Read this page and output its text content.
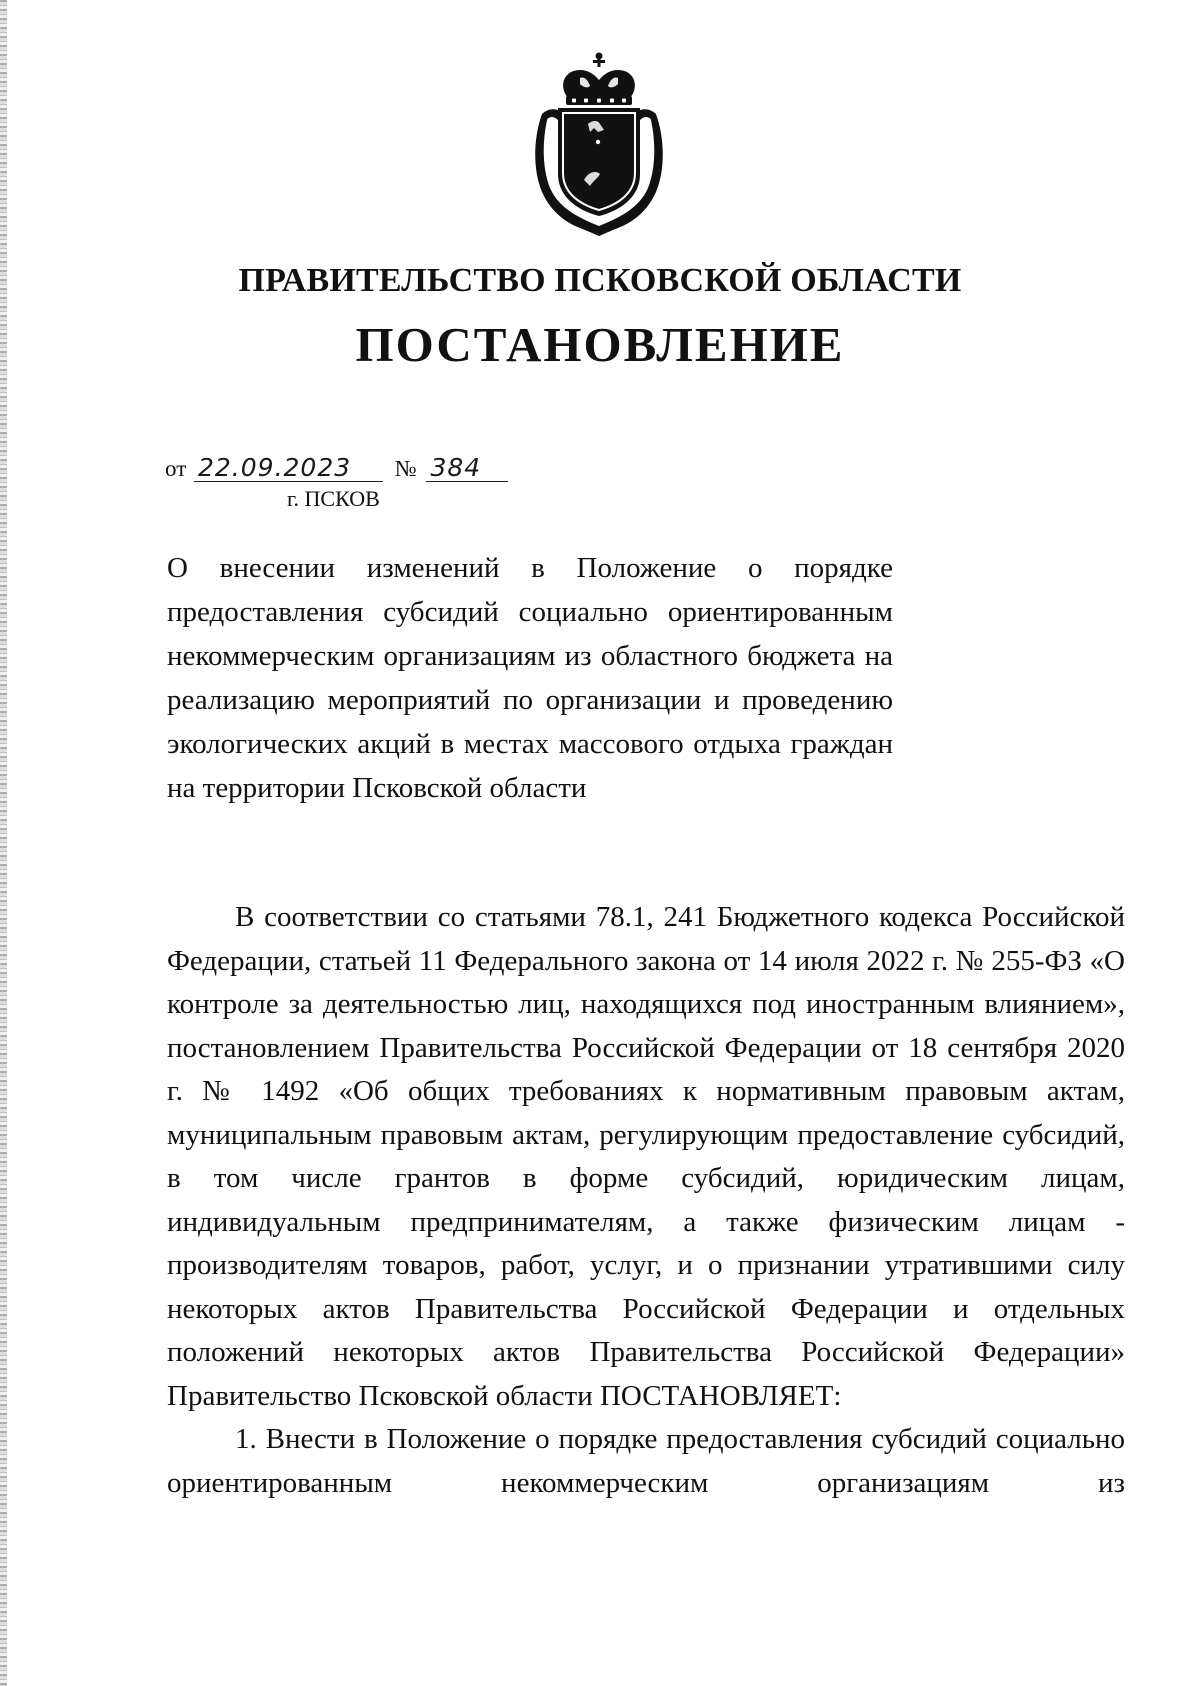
ПРАВИТЕЛЬСТВО ПСКОВСКОЙ ОБЛАСТИ
ПОСТАНОВЛЕНИЕ
от 22.09.2023 № 384
г. ПСКОВ
О внесении изменений в Положение о порядке предоставления субсидий социально ориентированным некоммерческим организациям из областного бюджета на реализацию мероприятий по организации и проведению экологических акций в местах массового отдыха граждан на территории Псковской области

В соответствии со статьями 78.1, 241 Бюджетного кодекса Российской Федерации, статьей 11 Федерального закона от 14 июля 2022 г. № 255-ФЗ «О контроле за деятельностью лиц, находящихся под иностранным влиянием», постановлением Правительства Российской Федерации от 18 сентября 2020 г. № 1492 «Об общих требованиях к нормативным правовым актам, муниципальным правовым актам, регулирующим предоставление субсидий, в том числе грантов в форме субсидий, юридическим лицам, индивидуальным предпринимателям, а также физическим лицам - производителям товаров, работ, услуг, и о признании утратившими силу некоторых актов Правительства Российской Федерации и отдельных положений некоторых актов Правительства Российской Федерации» Правительство Псковской области ПОСТАНОВЛЯЕТ:

1. Внести в Положение о порядке предоставления субсидий социально ориентированным некоммерческим организациям из
